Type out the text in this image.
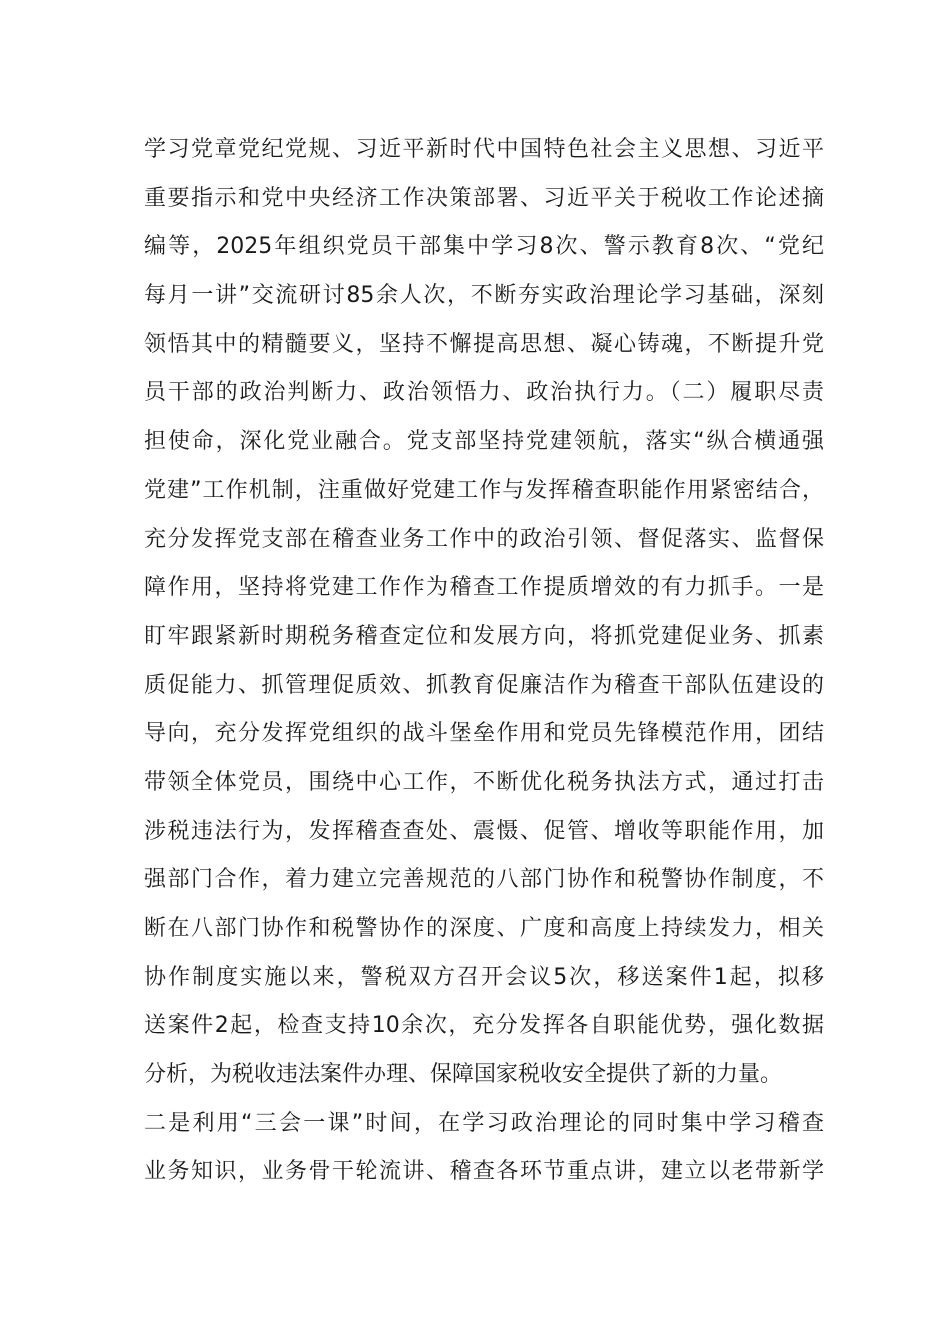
学习党章党纪党规、习近平新时代中国特色社会主义思想、习近平
重要指示和党中央经济工作决策部署、习近平关于税收工作论述摘
编等，2025年组织党员干部集中学习8次、警示教育8次、“党纪
每月一讲”交流研讨85余人次，不断夯实政治理论学习基础，深刻
领悟其中的精髓要义，坚持不懈提高思想、凝心铸魂，不断提升党
员干部的政治判断力、政治领悟力、政治执行力。（二）履职尽责
担使命，深化党业融合。党支部坚持党建领航，落实“纵合横通强
党建”工作机制，注重做好党建工作与发挥稽查职能作用紧密结合，
充分发挥党支部在稽查业务工作中的政治引领、督促落实、监督保
障作用，坚持将党建工作作为稽查工作提质增效的有力抓手。一是
盯牢跟紧新时期税务稽查定位和发展方向，将抓党建促业务、抓素
质促能力、抓管理促质效、抓教育促廉洁作为稽查干部队伍建设的
导向，充分发挥党组织的战斗堡垒作用和党员先锋模范作用，团结
带领全体党员，围绕中心工作，不断优化税务执法方式，通过打击
涉税违法行为，发挥稽查查处、震慑、促管、增收等职能作用，加
强部门合作，着力建立完善规范的八部门协作和税警协作制度，不
断在八部门协作和税警协作的深度、广度和高度上持续发力，相关
协作制度实施以来，警税双方召开会议5次，移送案件1起，拟移
送案件2起，检查支持10余次，充分发挥各自职能优势，强化数据
分析，为税收违法案件办理、保障国家税收安全提供了新的力量。
二是利用“三会一课”时间，在学习政治理论的同时集中学习稽查
业务知识，业务骨干轮流讲、稽查各环节重点讲，建立以老带新学
